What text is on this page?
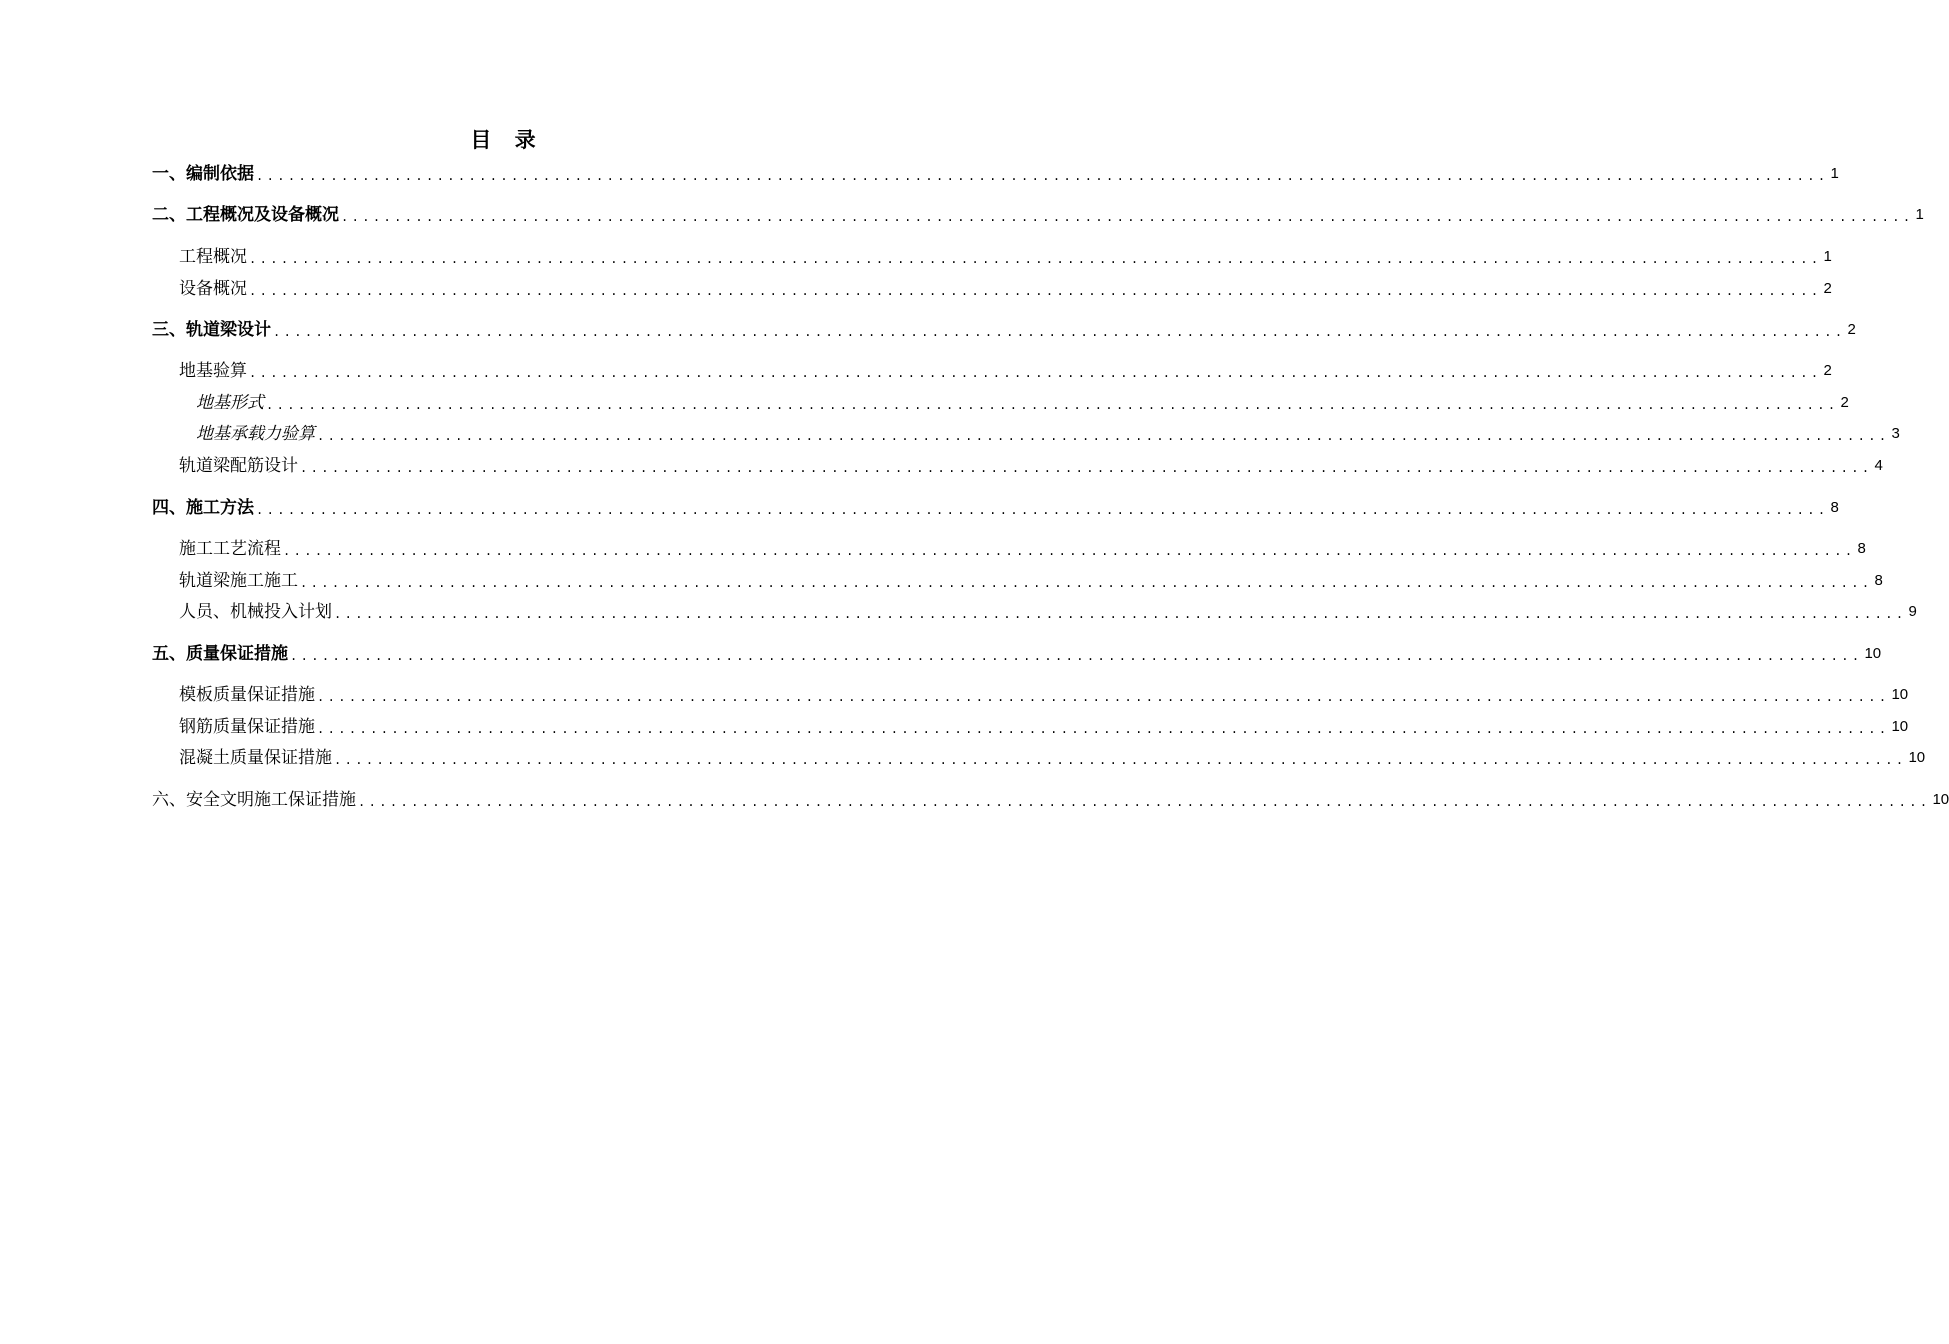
目 录
一、编制依据 .................................................................................................................................................... 1
二、工程概况及设备概况 .................................................................................................................................................... 1
工程概况 .................................................................................................................................................... 1
设备概况 .................................................................................................................................................... 2
三、轨道梁设计 .................................................................................................................................................... 2
地基验算 .................................................................................................................................................... 2
地基形式 .................................................................................................................................................... 2
地基承载力验算 .................................................................................................................................................... 3
轨道梁配筋设计 .................................................................................................................................................... 4
四、施工方法 .................................................................................................................................................... 8
施工工艺流程 .................................................................................................................................................... 8
轨道梁施工施工 .................................................................................................................................................... 8
人员、机械投入计划 .................................................................................................................................................... 9
五、质量保证措施 .................................................................................................................................................... 10
模板质量保证措施 .................................................................................................................................................... 10
钢筋质量保证措施 .................................................................................................................................................... 10
混凝土质量保证措施 .................................................................................................................................................... 10
六、安全文明施工保证措施 .................................................................................................................................................... 10
